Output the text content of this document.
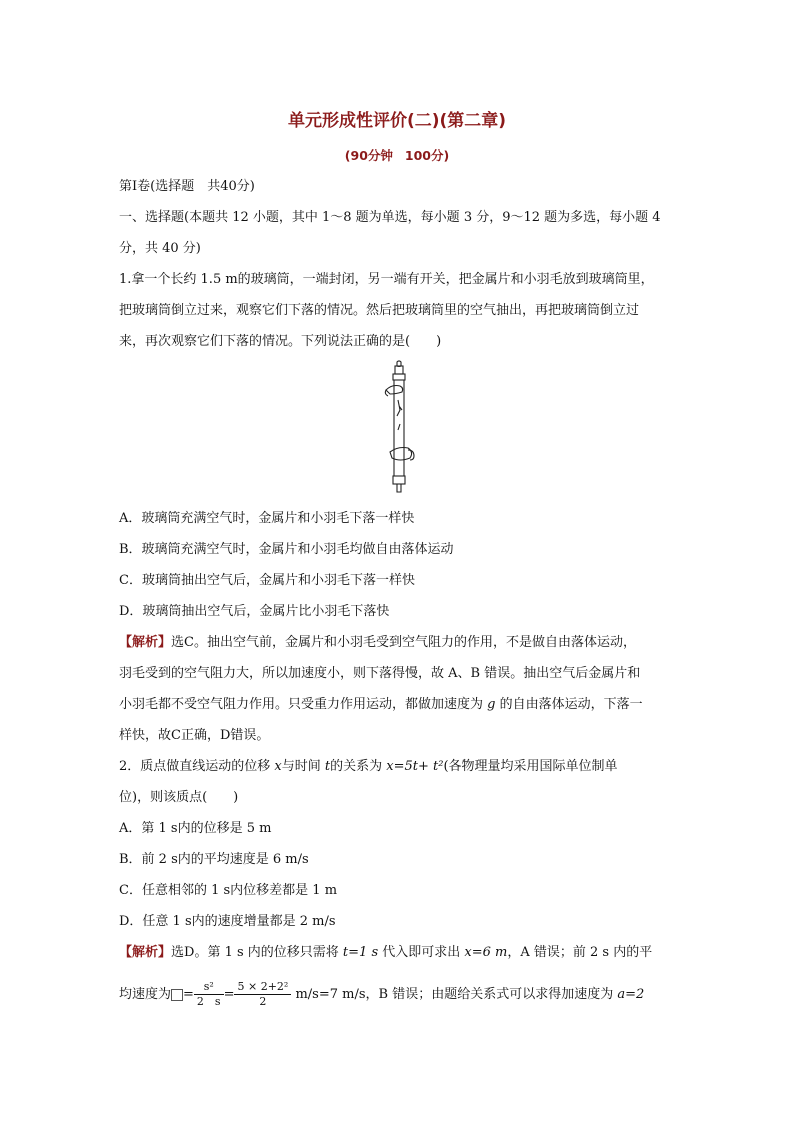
单元形成性评价(二)(第二章)
(90分钟 100分)
第Ⅰ卷(选择题　共40分)
一、选择题(本题共 12 小题，其中 1～8 题为单选，每小题 3 分，9～12 题为多选，每小题 4
分，共 40 分)
1.拿一个长约 1.5 m的玻璃筒，一端封闭，另一端有开关，把金属片和小羽毛放到玻璃筒里，
把玻璃筒倒立过来，观察它们下落的情况。然后把玻璃筒里的空气抽出，再把玻璃筒倒立过
来，再次观察它们下落的情况。下列说法正确的是(　　)
A．玻璃筒充满空气时，金属片和小羽毛下落一样快
B．玻璃筒充满空气时，金属片和小羽毛均做自由落体运动
C．玻璃筒抽出空气后，金属片和小羽毛下落一样快
D．玻璃筒抽出空气后，金属片比小羽毛下落快
【解析】选C。抽出空气前，金属片和小羽毛受到空气阻力的作用，不是做自由落体运动，
羽毛受到的空气阻力大，所以加速度小，则下落得慢，故 A、B 错误。抽出空气后金属片和
小羽毛都不受空气阻力作用。只受重力作用运动，都做加速度为 g 的自由落体运动，下落一
样快，故C正确，D错误。
2．质点做直线运动的位移 x与时间 t的关系为 x=5t+ t²(各物理量均采用国际单位制单
位)，则该质点(　　)
A．第 1 s内的位移是 5 m
B．前 2 s内的平均速度是 6 m/s
C．任意相邻的 1 s内位移差都是 1 m
D．任意 1 s内的速度增量都是 2 m/s
【解析】选D。第 1 s 内的位移只需将 t=1 s 代入即可求出 x=6 m，A 错误；前 2 s 内的平
均速度为 = $\frac{\text{s²}}{2 s} = \frac{\text{5 × 2+2²}}{2} m/s=7$ m/s，B 错误；由题给关系式可以求得加速度为 a=2
